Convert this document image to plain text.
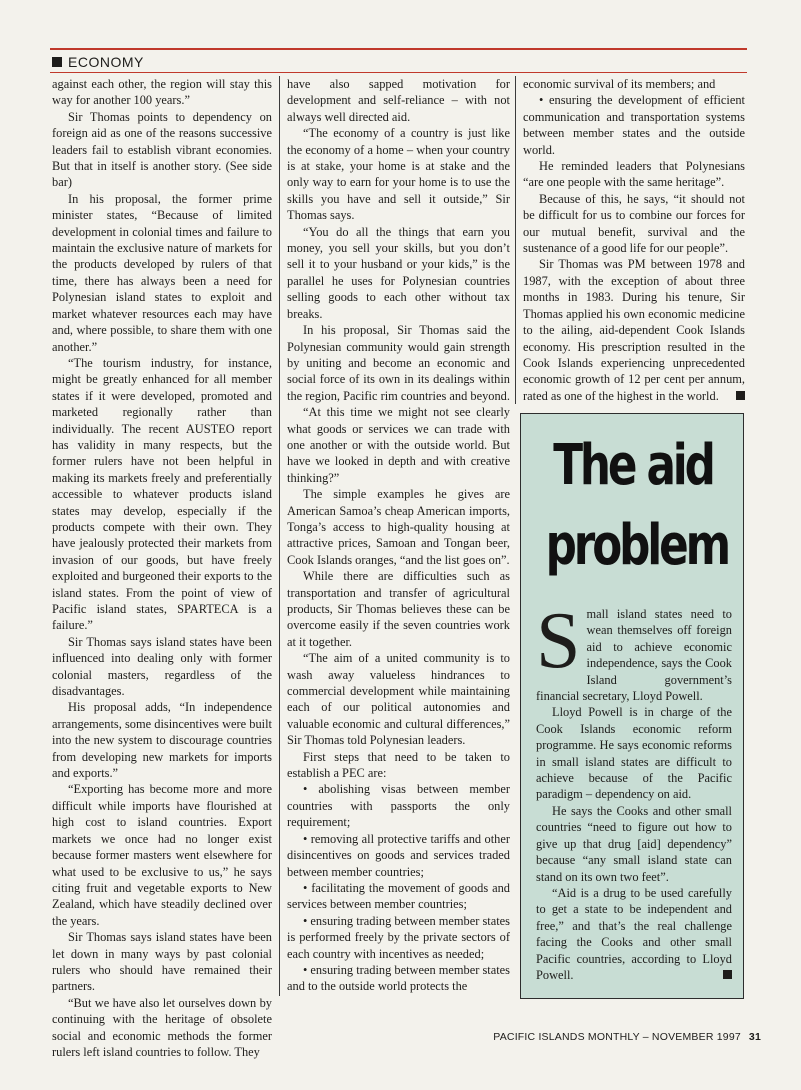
ECONOMY

against each other, the region will stay this way for another 100 years.”

Sir Thomas points to dependency on foreign aid as one of the reasons successive leaders fail to establish vibrant economies. But that in itself is another story. (See side bar)

In his proposal, the former prime minister states, “Because of limited development in colonial times and failure to maintain the exclusive nature of markets for the products developed by rulers of that time, there has always been a need for Polynesian island states to exploit and market whatever resources each may have and, where possible, to share them with one another.”

“The tourism industry, for instance, might be greatly enhanced for all member states if it were developed, promoted and marketed regionally rather than individually. The recent AUSTEO report has validity in many respects, but the former rulers have not been helpful in making its markets freely and preferentially accessible to whatever products island states may develop, especially if the products compete with their own. They have jealously protected their markets from invasion of our goods, but have freely exploited and burgeoned their exports to the island states. From the point of view of Pacific island states, SPARTECA is a failure.”

Sir Thomas says island states have been influenced into dealing only with former colonial masters, regardless of the disadvantages.

His proposal adds, “In independence arrangements, some disincentives were built into the new system to discourage countries from developing new markets for imports and exports.”

“Exporting has become more and more difficult while imports have flourished at high cost to island countries. Export markets we once had no longer exist because former masters went elsewhere for what used to be exclusive to us,” he says citing fruit and vegetable exports to New Zealand, which have steadily declined over the years.

Sir Thomas says island states have been let down in many ways by past colonial rulers who should have remained their partners.

“But we have also let ourselves down by continuing with the heritage of obsolete social and economic methods the former rulers left island countries to follow. They

have also sapped motivation for development and self-reliance – with not always well directed aid.

“The economy of a country is just like the economy of a home – when your country is at stake, your home is at stake and the only way to earn for your home is to use the skills you have and sell it outside,” Sir Thomas says.

“You do all the things that earn you money, you sell your skills, but you don’t sell it to your husband or your kids,” is the parallel he uses for Polynesian countries selling goods to each other without tax breaks.

In his proposal, Sir Thomas said the Polynesian community would gain strength by uniting and become an economic and social force of its own in its dealings within the region, Pacific rim countries and beyond.

“At this time we might not see clearly what goods or services we can trade with one another or with the outside world. But have we looked in depth and with creative thinking?”

The simple examples he gives are American Samoa’s cheap American imports, Tonga’s access to high-quality housing at attractive prices, Samoan and Tongan beer, Cook Islands oranges, “and the list goes on”.

While there are difficulties such as transportation and transfer of agricultural products, Sir Thomas believes these can be overcome easily if the seven countries work at it together.

“The aim of a united community is to wash away valueless hindrances to commercial development while maintaining each of our political autonomies and valuable economic and cultural differences,” Sir Thomas told Polynesian leaders.

First steps that need to be taken to establish a PEC are:

• abolishing visas between member countries with passports the only requirement;

• removing all protective tariffs and other disincentives on goods and services traded between member countries;

• facilitating the movement of goods and services between member countries;

• ensuring trading between member states is performed freely by the private sectors of each country with incentives as needed;

• ensuring trading between member states and to the outside world protects the

economic survival of its members; and

• ensuring the development of efficient communication and transportation systems between member states and the outside world.

He reminded leaders that Polynesians “are one people with the same heritage”.

Because of this, he says, “it should not be difficult for us to combine our forces for our mutual benefit, survival and the sustenance of a good life for our people”.

Sir Thomas was PM between 1978 and 1987, with the exception of about three months in 1983. During his tenure, Sir Thomas applied his own economic medicine to the ailing, aid-dependent Cook Islands economy. His prescription resulted in the Cook Islands experiencing unprecedented economic growth of 12 per cent per annum, rated as one of the highest in the world.

The aid
problem

Small island states need to wean themselves off foreign aid to achieve economic independence, says the Cook Island government’s financial secretary, Lloyd Powell.

Lloyd Powell is in charge of the Cook Islands economic reform programme. He says economic reforms in small island states are difficult to achieve because of the Pacific paradigm – dependency on aid.

He says the Cooks and other small countries “need to figure out how to give up that drug [aid] dependency” because “any small island state can stand on its own two feet”.

“Aid is a drug to be used carefully to get a state to be independent and free,” and that’s the real challenge facing the Cooks and other small Pacific countries, according to Lloyd Powell.

PACIFIC ISLANDS MONTHLY – NOVEMBER 1997 31
